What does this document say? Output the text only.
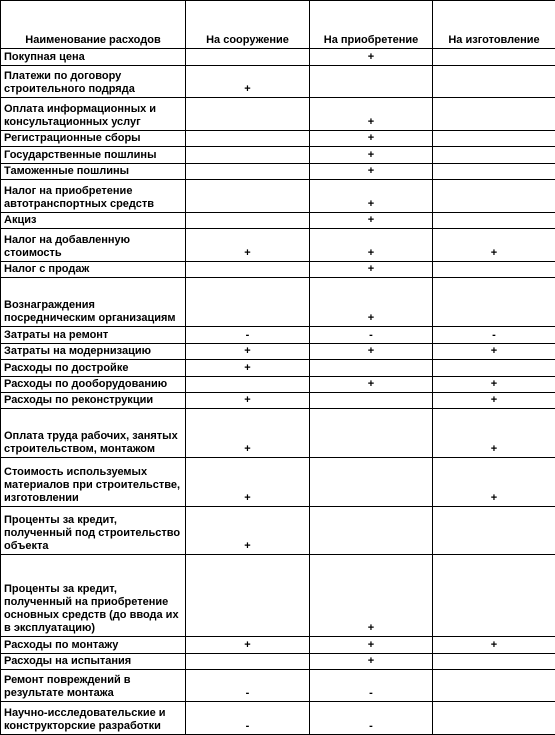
Наименование расходов	На сооружение	На приобретение	На изготовление
Покупная цена		+	
Платежи по договору строительного подряда	+		
Оплата информационных и консультационных услуг		+	
Регистрационные сборы		+	
Государственные пошлины		+	
Таможенные пошлины		+	
Налог на приобретение автотранспортных средств		+	
Акциз		+	
Налог на добавленную стоимость	+	+	+
Налог с продаж		+	
Вознаграждения посредническим организациям		+	
Затраты на ремонт	-	-	-
Затраты на модернизацию	+	+	+
Расходы по достройке	+		
Расходы по дооборудованию		+	+
Расходы по реконструкции	+		+
Оплата труда рабочих, занятых строительством, монтажом	+		+
Стоимость используемых материалов при строительстве, изготовлении	+		+
Проценты за кредит, полученный под строительство объекта	+		
Проценты за кредит, полученный на приобретение основных средств (до ввода их в эксплуатацию)		+	
Расходы по монтажу	+	+	+
Расходы на испытания		+	
Ремонт повреждений в результате монтажа	-	-	
Научно-исследовательские и конструкторские разработки	-	-	
